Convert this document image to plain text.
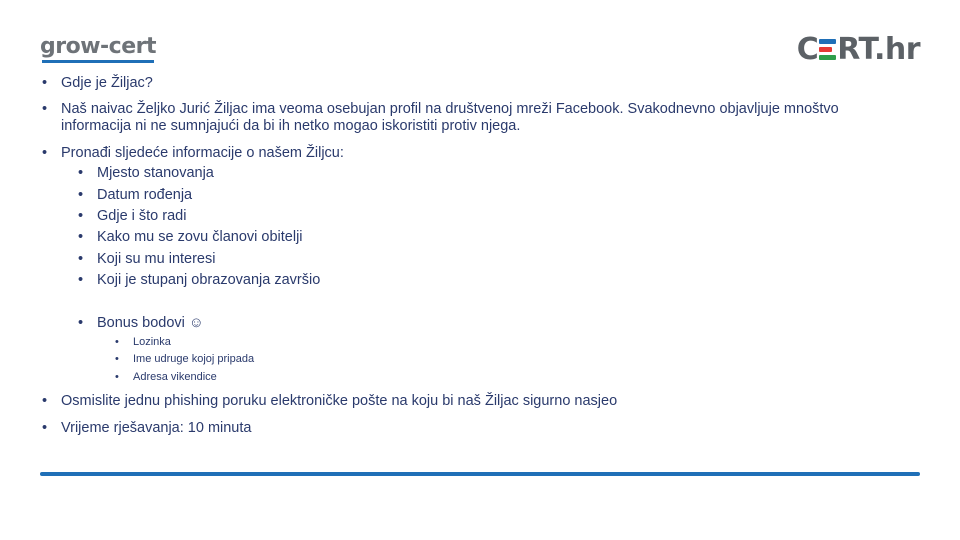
grow-cert	C RT.hr
• Gdje je Žiljac?
• Naš naivac Željko Jurić Žiljac ima veoma osebujan profil na društvenoj mreži Facebook. Svakodnevno objavljuje mnoštvo informacija ni ne sumnjajući da bi ih netko mogao iskoristiti protiv njega.
• Pronađi sljedeće informacije o našem Žiljcu:
• Mjesto stanovanja
• Datum rođenja
• Gdje i što radi
• Kako mu se zovu članovi obitelji
• Koji su mu interesi
• Koji je stupanj obrazovanja završio
• Bonus bodovi ☺
• Lozinka
• Ime udruge kojoj pripada
• Adresa vikendice
• Osmislite jednu phishing poruku elektroničke pošte na koju bi naš Žiljac sigurno nasjeo
• Vrijeme rješavanja: 10 minuta
